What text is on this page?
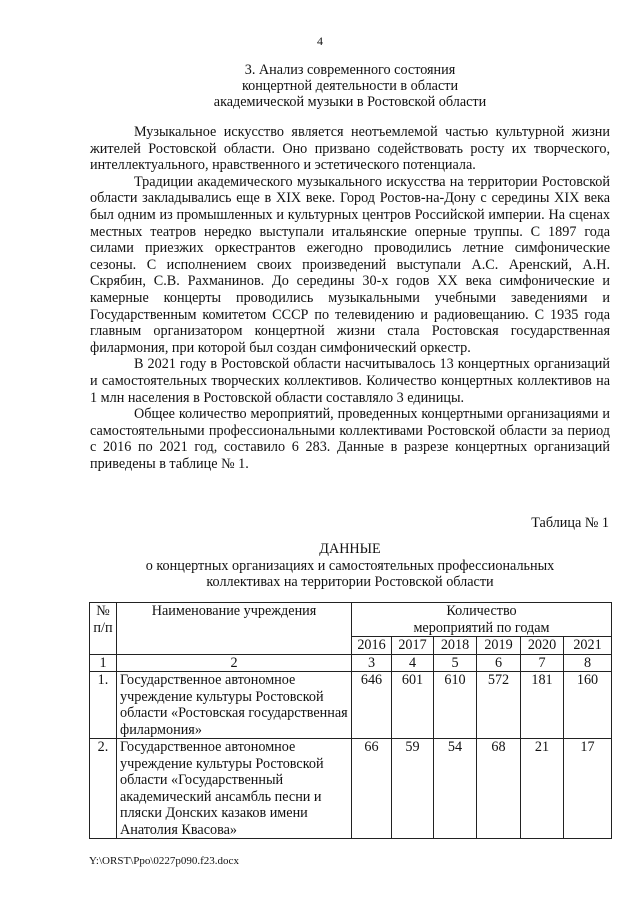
4
3. Анализ современного состояния
концертной деятельности в области
академической музыки в Ростовской области

Музыкальное искусство является неотъемлемой частью культурной жизни жителей Ростовской области. Оно призвано содействовать росту их творческого, интеллектуального, нравственного и эстетического потенциала.

Традиции академического музыкального искусства на территории Ростовской области закладывались еще в XIX веке. Город Ростов-на-Дону с середины XIX века был одним из промышленных и культурных центров Российской империи. На сценах местных театров нередко выступали итальянские оперные труппы. С 1897 года силами приезжих оркестрантов ежегодно проводились летние симфонические сезоны. С исполнением своих произведений выступали А.С. Аренский, А.Н. Скрябин, С.В. Рахманинов. До середины 30-х годов XX века симфонические и камерные концерты проводились музыкальными учебными заведениями и Государственным комитетом СССР по телевидению и радиовещанию. С 1935 года главным организатором концертной жизни стала Ростовская государственная филармония, при которой был создан симфонический оркестр.

В 2021 году в Ростовской области насчитывалось 13 концертных организаций и самостоятельных творческих коллективов. Количество концертных коллективов на 1 млн населения в Ростовской области составляло 3 единицы.

Общее количество мероприятий, проведенных концертными организациями и самостоятельными профессиональными коллективами Ростовской области за период с 2016 по 2021 год, составило 6 283. Данные в разрезе концертных организаций приведены в таблице № 1.

Таблица № 1
ДАННЫЕ
о концертных организациях и самостоятельных профессиональных коллективах на территории Ростовской области
№ п/п	Наименование учреждения	Количество мероприятий по годам					
		2016	2017	2018	2019	2020	2021
1	2	3	4	5	6	7	8
1.	Государственное автономное учреждение культуры Ростовской области «Ростовская государственная филармония»	646	601	610	572	181	160
2.	Государственное автономное учреждение культуры Ростовской области «Государственный академический ансамбль песни и пляски Донских казаков имени Анатолия Квасова»	66	59	54	68	21	17
Y:\ORST\Ppo\0227p090.f23.docx
